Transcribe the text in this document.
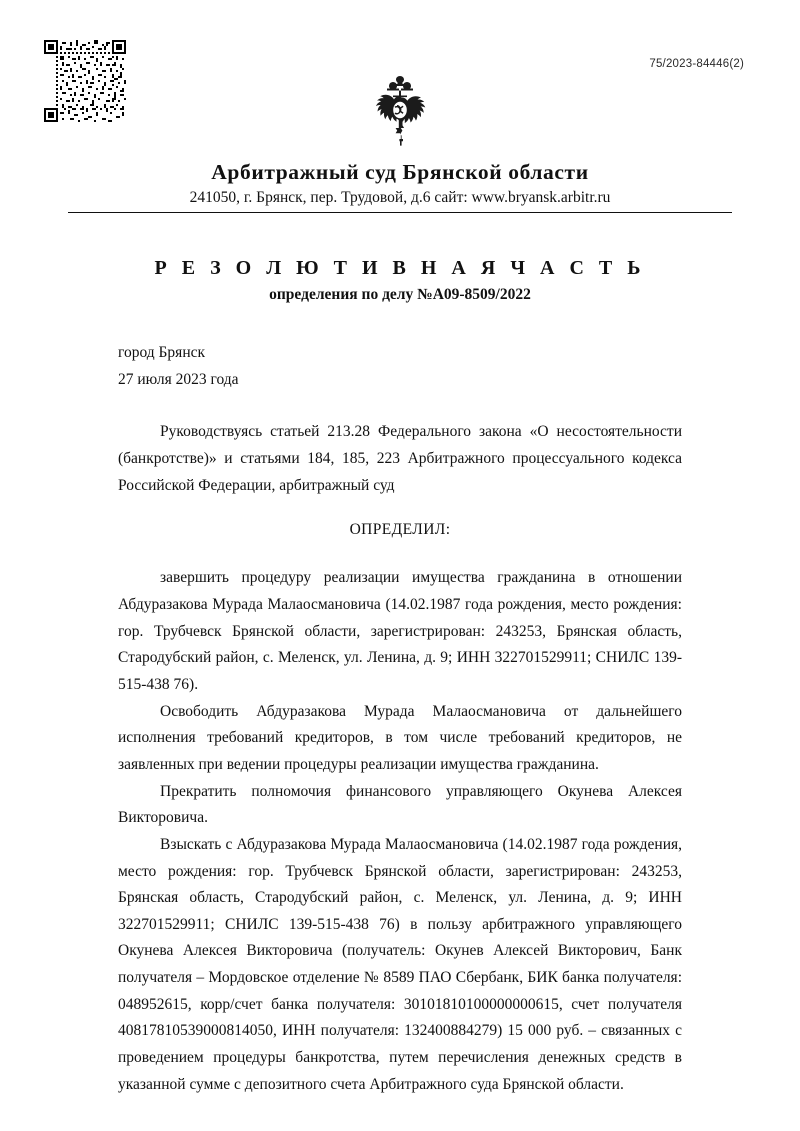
75/2023-84446(2)
Арбитражный суд Брянской области
241050, г. Брянск, пер. Трудовой, д.6 сайт: www.bryansk.arbitr.ru
Р Е З О Л Ю Т И В Н А Я Ч А С Т Ь
определения по делу №А09-8509/2022
город Брянск
27 июля 2023 года

Руководствуясь статьей 213.28 Федерального закона «О несостоятельности (банкротстве)» и статьями 184, 185, 223 Арбитражного процессуального кодекса Российской Федерации, арбитражный суд

ОПРЕДЕЛИЛ:

завершить процедуру реализации имущества гражданина в отношении Абдуразакова Мурада Малаосмановича (14.02.1987 года рождения, место рождения: гор. Трубчевск Брянской области, зарегистрирован: 243253, Брянская область, Стародубский район, с. Меленск, ул. Ленина, д. 9; ИНН 322701529911; СНИЛС 139-515-438 76).

Освободить Абдуразакова Мурада Малаосмановича от дальнейшего исполнения требований кредиторов, в том числе требований кредиторов, не заявленных при ведении процедуры реализации имущества гражданина.

Прекратить полномочия финансового управляющего Окунева Алексея Викторовича.

Взыскать с Абдуразакова Мурада Малаосмановича (14.02.1987 года рождения, место рождения: гор. Трубчевск Брянской области, зарегистрирован: 243253, Брянская область, Стародубский район, с. Меленск, ул. Ленина, д. 9; ИНН 322701529911; СНИЛС 139-515-438 76) в пользу арбитражного управляющего Окунева Алексея Викторовича (получатель: Окунев Алексей Викторович, Банк получателя – Мордовское отделение № 8589 ПАО Сбербанк, БИК банка получателя: 048952615, корр/счет банка получателя: 30101810100000000615, счет получателя 40817810539000814050, ИНН получателя: 132400884279) 15 000 руб. – связанных с проведением процедуры банкротства, путем перечисления денежных средств в указанной сумме с депозитного счета Арбитражного суда Брянской области.
